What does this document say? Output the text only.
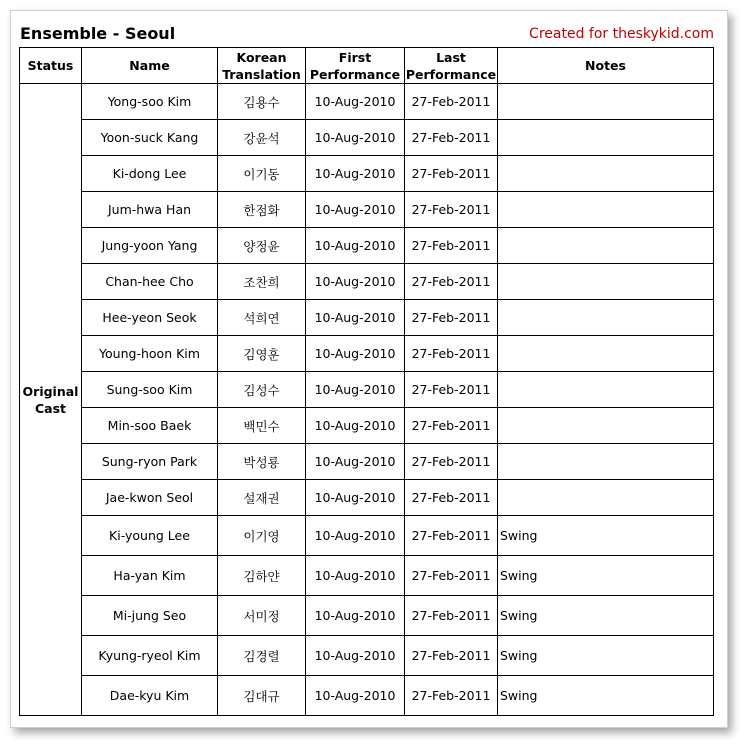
Ensemble - Seoul	Created for theskykid.com
Status	Name	Korean Translation	First Performance	Last Performance	Notes
Original Cast	Yong-soo Kim	김용수	10-Aug-2010	27-Feb-2011	
	Yoon-suck Kang	강윤석	10-Aug-2010	27-Feb-2011	
	Ki-dong Lee	이기동	10-Aug-2010	27-Feb-2011	
	Jum-hwa Han	한점화	10-Aug-2010	27-Feb-2011	
	Jung-yoon Yang	양정윤	10-Aug-2010	27-Feb-2011	
	Chan-hee Cho	조찬희	10-Aug-2010	27-Feb-2011	
	Hee-yeon Seok	석희연	10-Aug-2010	27-Feb-2011	
	Young-hoon Kim	김영훈	10-Aug-2010	27-Feb-2011	
	Sung-soo Kim	김성수	10-Aug-2010	27-Feb-2011	
	Min-soo Baek	백민수	10-Aug-2010	27-Feb-2011	
	Sung-ryon Park	박성룡	10-Aug-2010	27-Feb-2011	
	Jae-kwon Seol	설재권	10-Aug-2010	27-Feb-2011	
	Ki-young Lee	이기영	10-Aug-2010	27-Feb-2011	Swing
	Ha-yan Kim	김하얀	10-Aug-2010	27-Feb-2011	Swing
	Mi-jung Seo	서미정	10-Aug-2010	27-Feb-2011	Swing
	Kyung-ryeol Kim	김경렬	10-Aug-2010	27-Feb-2011	Swing
	Dae-kyu Kim	김대규	10-Aug-2010	27-Feb-2011	Swing
